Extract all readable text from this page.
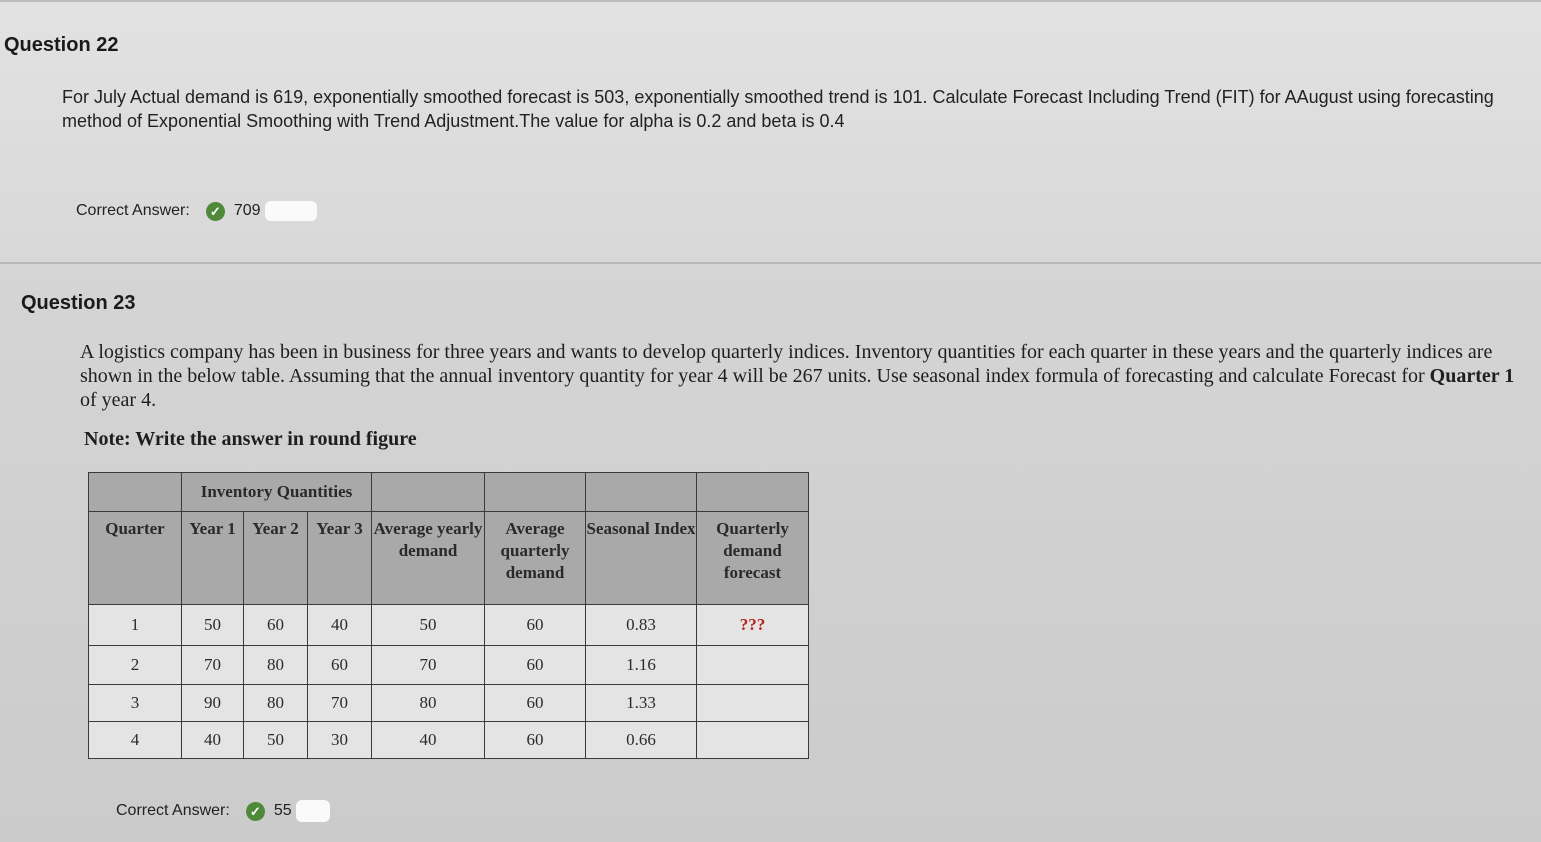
Question 22
For July Actual demand is 619, exponentially smoothed forecast is 503, exponentially smoothed trend is 101. Calculate Forecast Including Trend (FIT) for AAugust using forecasting method of Exponential Smoothing with Trend Adjustment.The value for alpha is 0.2 and beta is 0.4
Correct Answer:	✓ 709
Question 23
A logistics company has been in business for three years and wants to develop quarterly indices. Inventory quantities for each quarter in these years and the quarterly indices are shown in the below table. Assuming that the annual inventory quantity for year 4 will be 267 units. Use seasonal index formula of forecasting and calculate Forecast for Quarter 1 of year 4.
Note: Write the answer in round figure
	Inventory Quantities						
Quarter	Year 1	Year 2	Year 3	Average yearly demand	Average quarterly demand	Seasonal Index	Quarterly demand forecast
1	50	60	40	50	60	0.83	???
2	70	80	60	70	60	1.16	
3	90	80	70	80	60	1.33	
4	40	50	30	40	60	0.66	
Correct Answer:	✓ 55
